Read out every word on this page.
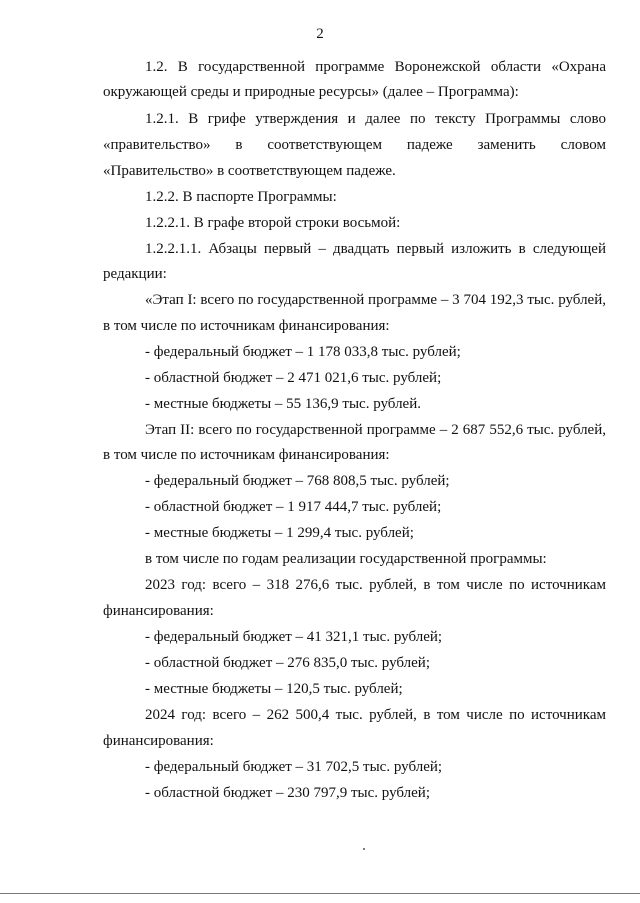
2
1.2. В государственной программе Воронежской области «Охрана
окружающей среды и природные ресурсы» (далее – Программа):
1.2.1. В грифе утверждения и далее по тексту Программы слово
«правительство» в соответствующем падеже заменить словом
«Правительство» в соответствующем падеже.
1.2.2. В паспорте Программы:
1.2.2.1. В графе второй строки восьмой:
1.2.2.1.1. Абзацы первый – двадцать первый изложить в следующей
редакции:
«Этап I: всего по государственной программе – 3 704 192,3 тыс. рублей,
в том числе по источникам финансирования:
- федеральный бюджет – 1 178 033,8 тыс. рублей;
- областной бюджет – 2 471 021,6 тыс. рублей;
- местные бюджеты – 55 136,9 тыс. рублей.
Этап II: всего по государственной программе – 2 687 552,6 тыс. рублей,
в том числе по источникам финансирования:
- федеральный бюджет – 768 808,5 тыс. рублей;
- областной бюджет – 1 917 444,7 тыс. рублей;
- местные бюджеты – 1 299,4 тыс. рублей;
в том числе по годам реализации государственной программы:
2023 год: всего – 318 276,6 тыс. рублей, в том числе по источникам
финансирования:
- федеральный бюджет – 41 321,1 тыс. рублей;
- областной бюджет – 276 835,0 тыс. рублей;
- местные бюджеты – 120,5 тыс. рублей;
2024 год: всего – 262 500,4 тыс. рублей, в том числе по источникам
финансирования:
- федеральный бюджет – 31 702,5 тыс. рублей;
- областной бюджет – 230 797,9 тыс. рублей;
